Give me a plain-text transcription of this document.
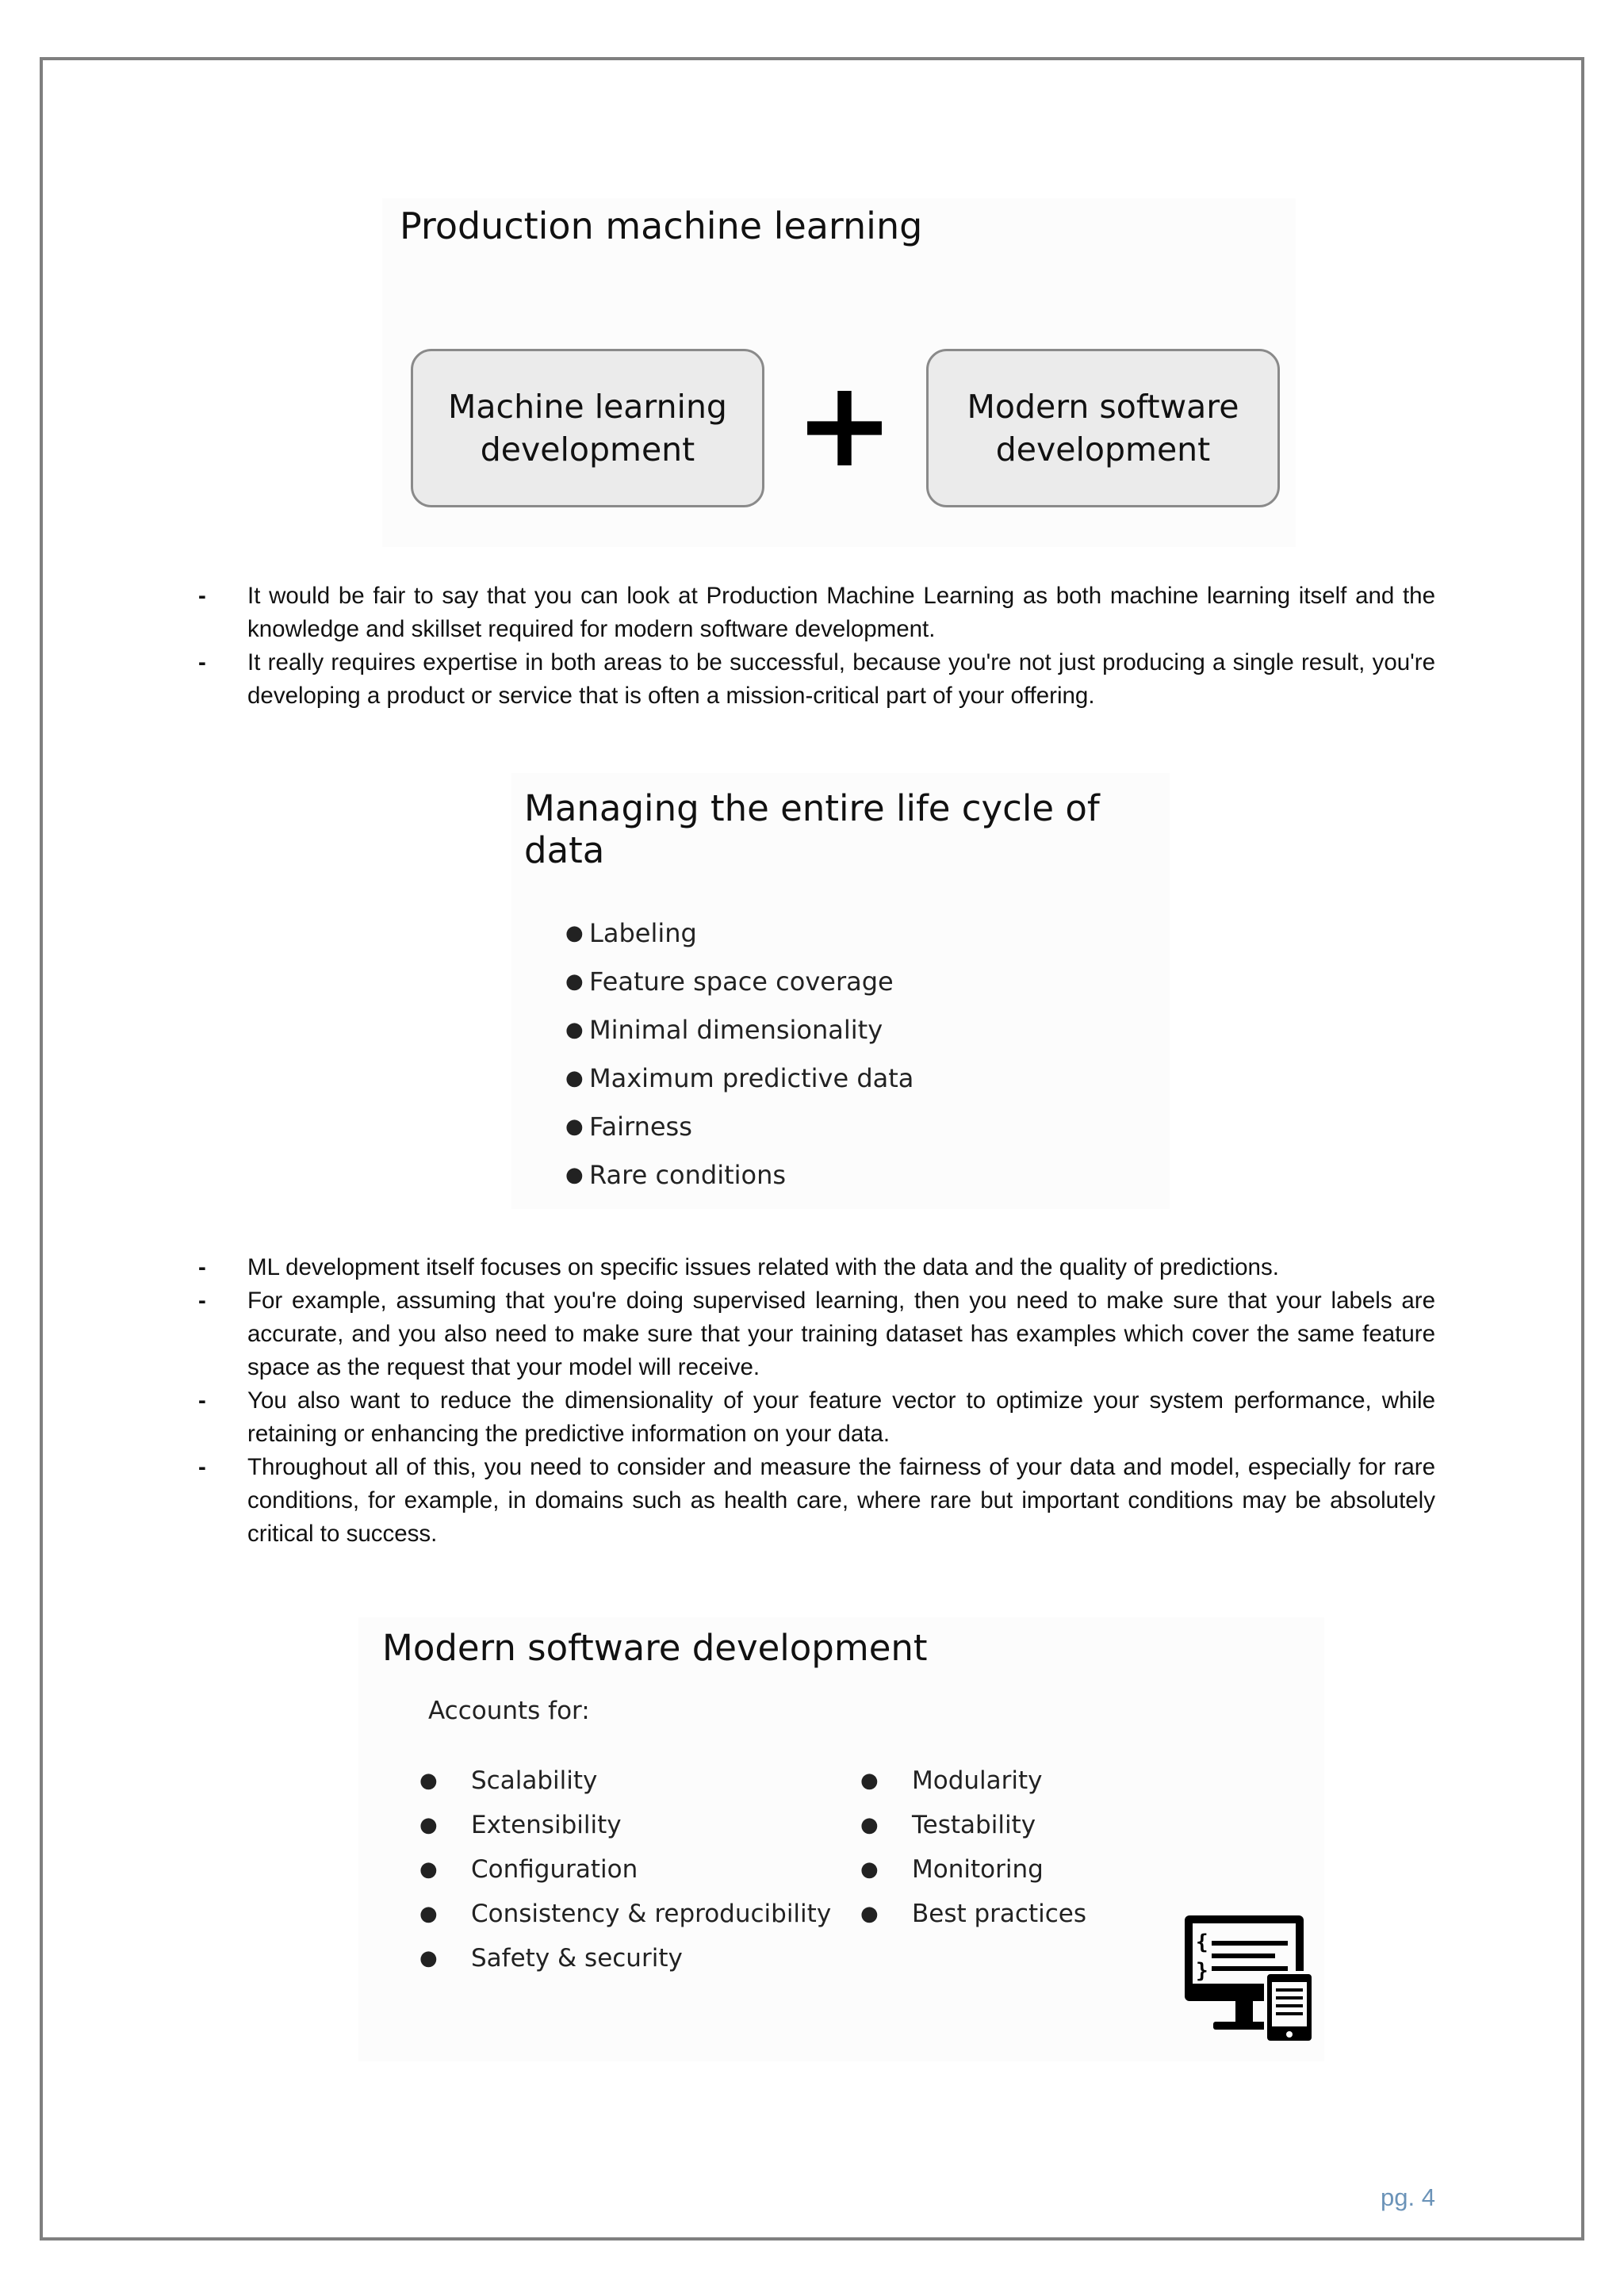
Production machine learning
Machine learning
development + Modern software
development
- It would be fair to say that you can look at Production Machine Learning as both machine learning itself and the knowledge and skillset required for modern software development.
- It really requires expertise in both areas to be successful, because you're not just producing a single result, you're developing a product or service that is often a mission-critical part of your offering.
Managing the entire life cycle of data
● Labeling
● Feature space coverage
● Minimal dimensionality
● Maximum predictive data
● Fairness
● Rare conditions
- ML development itself focuses on specific issues related with the data and the quality of predictions.
- For example, assuming that you're doing supervised learning, then you need to make sure that your labels are accurate, and you also need to make sure that your training dataset has examples which cover the same feature space as the request that your model will receive.
- You also want to reduce the dimensionality of your feature vector to optimize your system performance, while retaining or enhancing the predictive information on your data.
- Throughout all of this, you need to consider and measure the fairness of your data and model, especially for rare conditions, for example, in domains such as health care, where rare but important conditions may be absolutely critical to success.
Modern software development
Accounts for:
● Scalability
● Extensibility
● Configuration
● Consistency & reproducibility
● Safety & security
● Modularity
● Testability
● Monitoring
● Best practices
{
}
pg. 4
